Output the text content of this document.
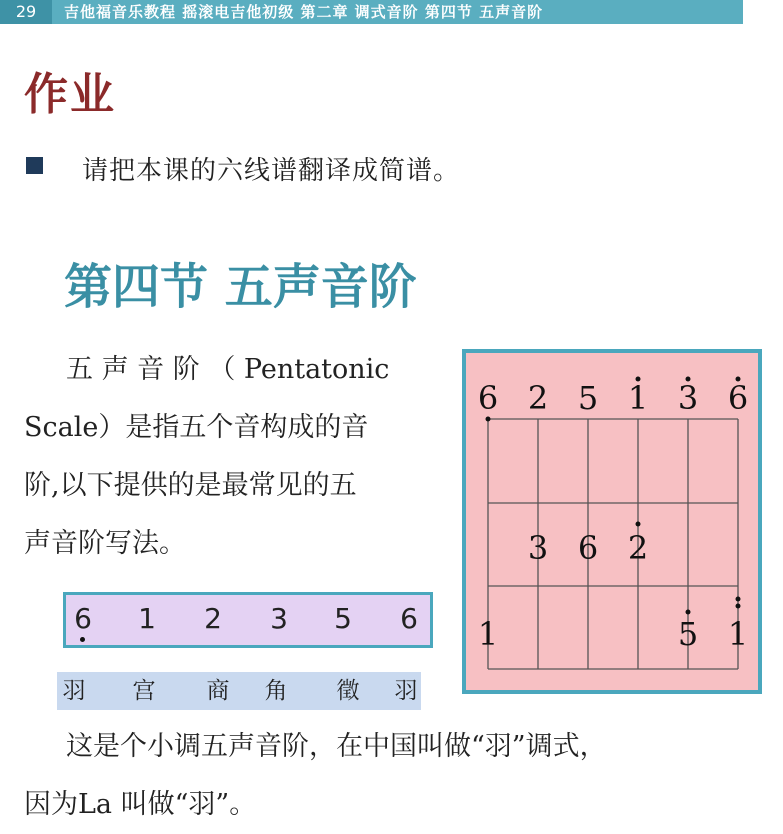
29	吉他福音乐教程 摇滚电吉他初级 第二章 调式音阶 第四节 五声音阶
作业
请把本课的六线谱翻译成简谱。
第四节 五声音阶
五 声 音 阶 （ Pentatonic
Scale）是指五个音构成的音
阶,以下提供的是最常见的五
声音阶写法。
6 1 2 3 5 6
羽 宫 商 角 徵 羽
6 2 5 1 3 6
3 6 2
1	5 1
这是个小调五声音阶，在中国叫做“羽”调式，
因为La 叫做“羽”。
